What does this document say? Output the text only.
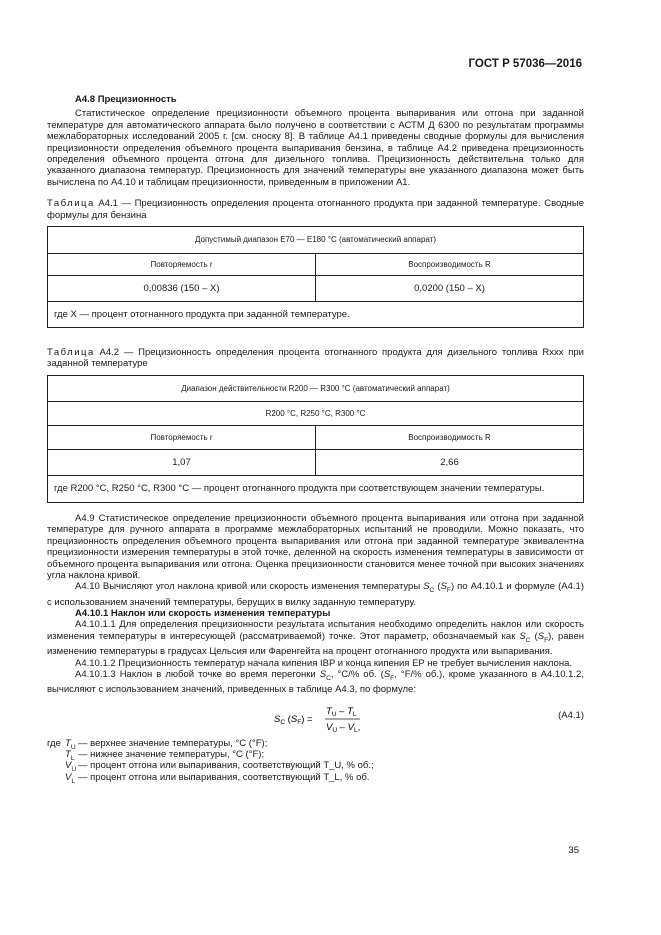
ГОСТ Р 57036—2016

А4.8 Прецизионность

Статистическое определение прецизионности объемного процента выпаривания или отгона при заданной температуре для автоматического аппарата было получено в соответствии с АСТМ Д 6300 по результатам программы межлабораторных исследований 2005 г. [см. сноску 8]. В таблице А4.1 приведены сводные формулы для вычисления прецизионности определения объемного процента выпаривания бензина, в таблице А4.2 приведена прецизионность определения объемного процента отгона для дизельного топлива. Прецизионность действительна только для указанного диапазона температур. Прецизионность для значений температуры вне указанного диапазона может быть вычислена по А4.10 и таблицам прецизионности, приведенным в приложении А1.

Таблица А4.1 — Прецизионность определения процента отогнанного продукта при заданной температуре. Сводные формулы для бензина

Допустимый диапазон Е70 — Е180 °С (автоматический аппарат)	
Повторяемость r	Воспроизводимость R
0,00836 (150 – X)	0,0200 (150 – X)
где X — процент отогнанного продукта при заданной температуре.	

Таблица А4.2 — Прецизионность определения процента отогнанного продукта для дизельного топлива Rxxx при заданной температуре

Диапазон действительности R200 — R300 °С (автоматический аппарат)	
R200 °C, R250 °C, R300 °C	
Повторяемость r	Воспроизводимость R
1,07	2,66
где R200 °С, R250 °С, R300 °С — процент отогнанного продукта при соответствующем значении температуры.	

А4.9 Статистическое определение прецизионности объемного процента выпаривания или отгона при заданной температуре для ручного аппарата в программе межлабораторных испытаний не проводили. Можно показать, что прецизионность определения объемного процента выпаривания или отгона при заданной температуре эквивалентна прецизионности измерения температуры в этой точке, деленной на скорость изменения температуры в зависимости от объемного процента выпаривания или отгона. Оценка прецизионности становится менее точной при высоких значениях угла наклона кривой.

А4.10 Вычисляют угол наклона кривой или скорость изменения температуры $S_C$ $(S_F)$ по А4.10.1 и формуле (А4.1) с использованием значений температуры, берущих в вилку заданную температуру.

А4.10.1 Наклон или скорость изменения температуры

А4.10.1.1 Для определения прецизионности результата испытания необходимо определить наклон или скорость изменения температуры в интересующей (рассматриваемой) точке. Этот параметр, обозначаемый как $S_C$ $(S_F)$, равен изменению температуры в градусах Цельсия или Фаренгейта на процент отогнанного продукта или выпаривания.

А4.10.1.2 Прецизионность температур начала кипения IBP и конца кипения EP не требует вычисления наклона.

А4.10.1.3 Наклон в любой точке во время перегонки $S_C$, °С/% об. ($S_F$, °F/% об.), кроме указанного в А4.10.1.2, вычисляют с использованием значений, приведенных в таблице А4.3, по формуле:

$S_C$ $(S_F)$ =
$T_U - T_L$
$V_U - V_L$,
(А4.1)
где $T_U$ — верхнее значение температуры, °С (°F);
$T_L$ — нижнее значение температуры, °С (°F);
$V_U$ — процент отгона или выпаривания, соответствующий T_U, % об.;
$V_L$ — процент отгона или выпаривания, соответствующий T_L, % об.
35
